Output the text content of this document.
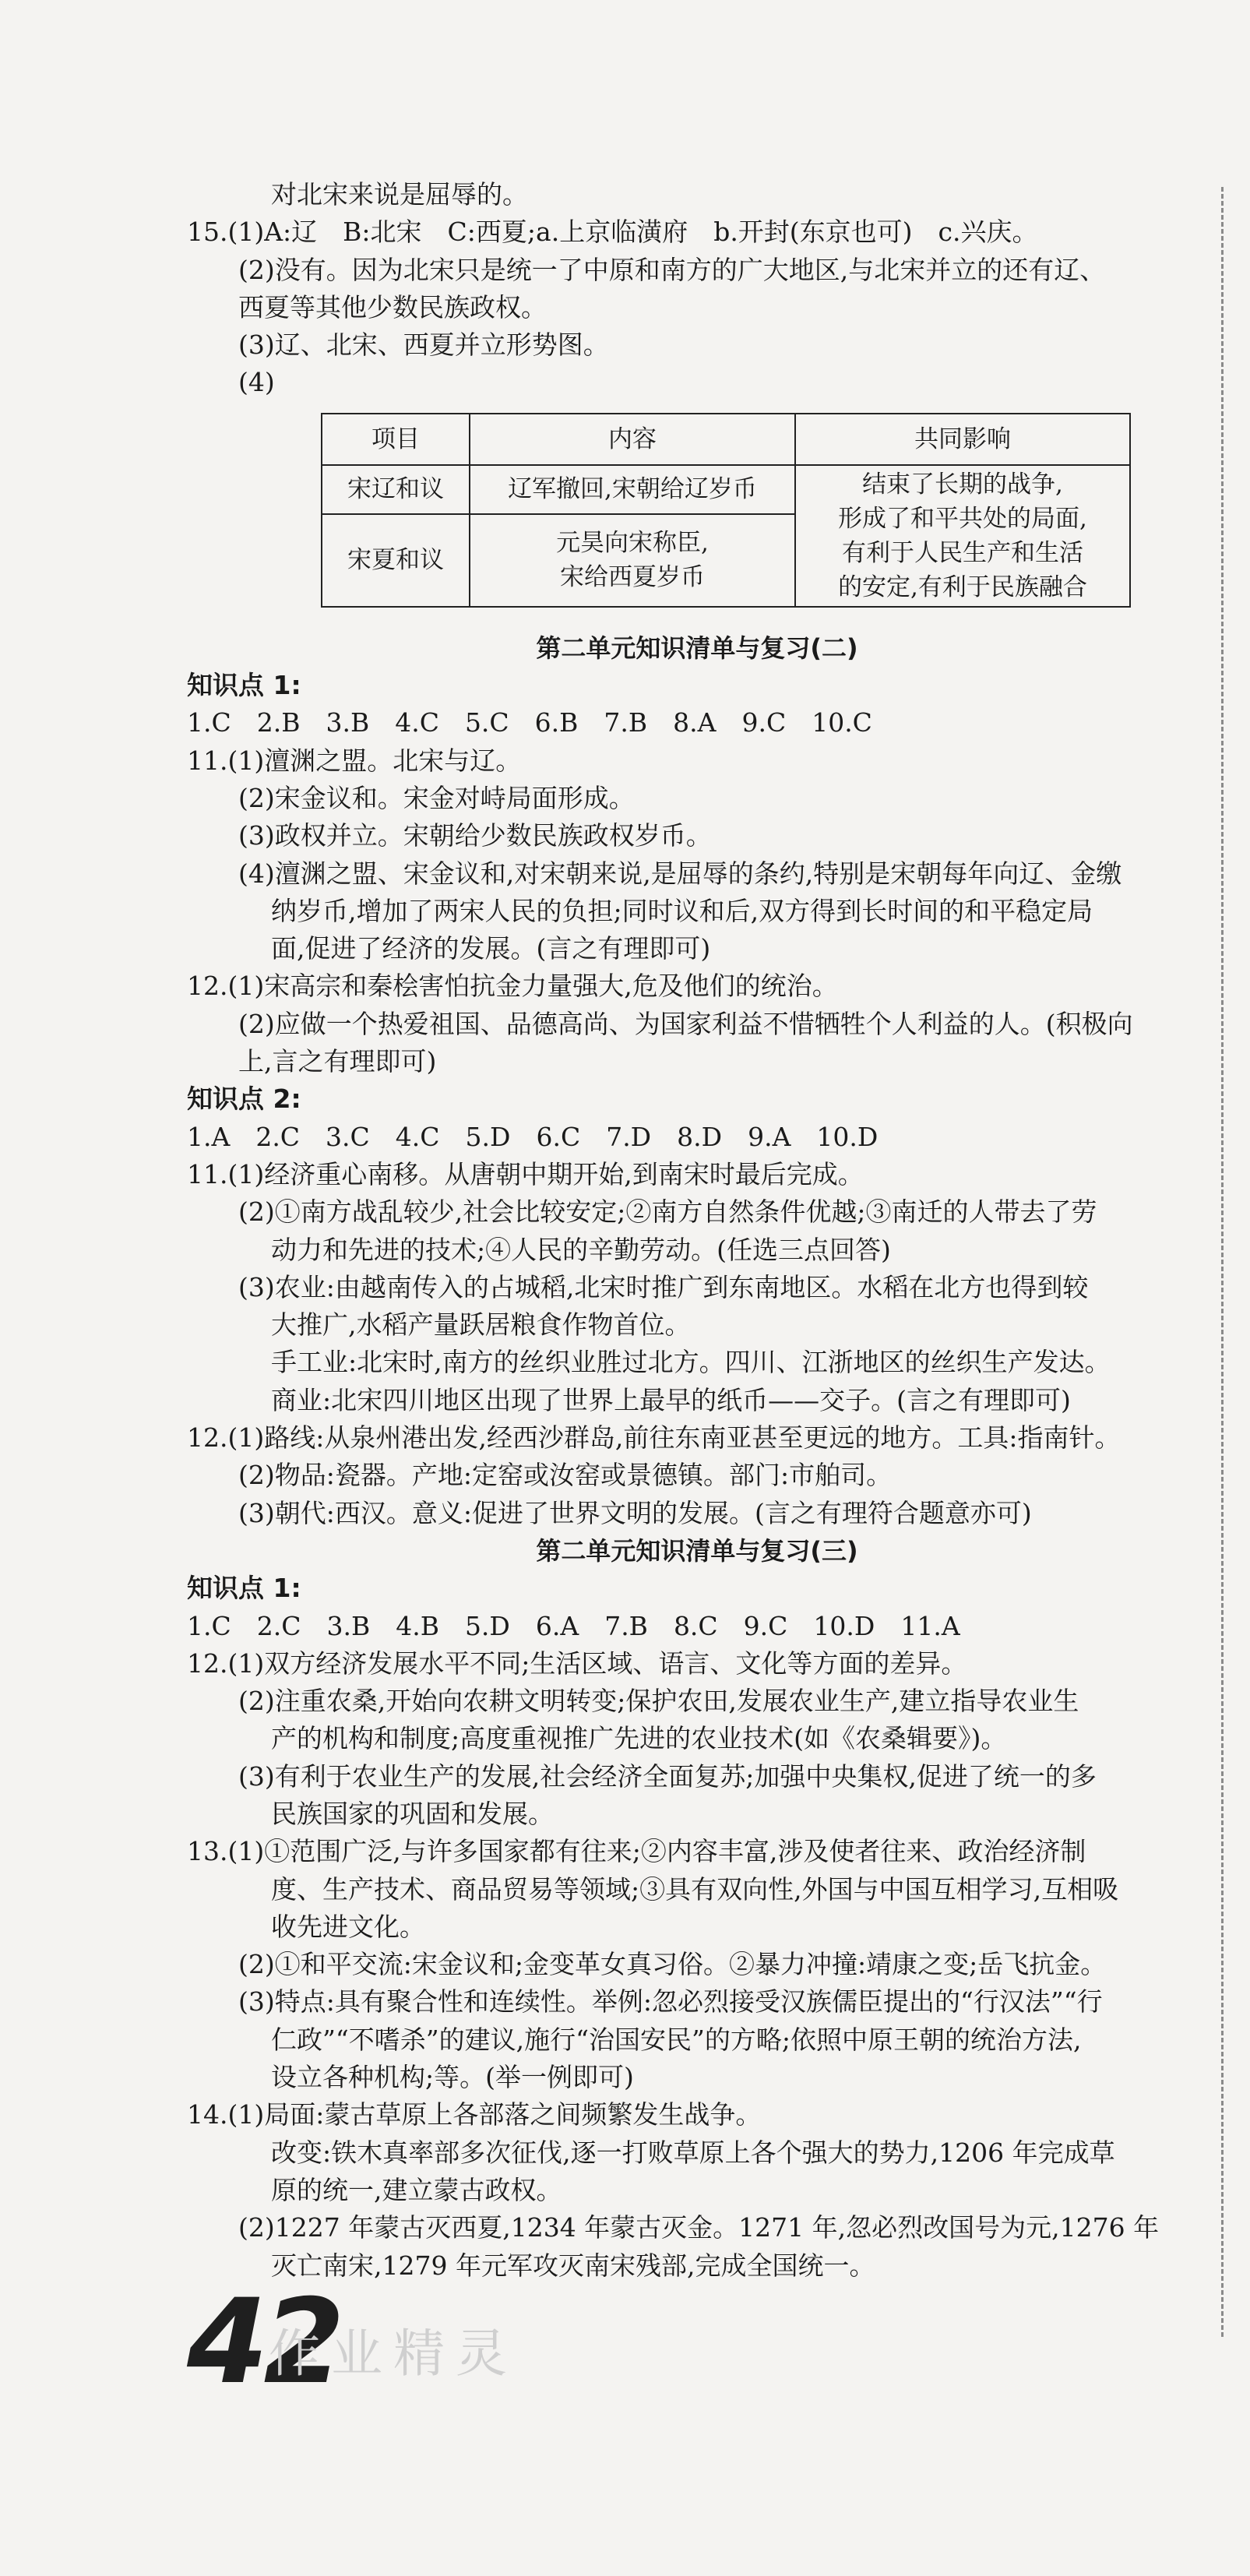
对北宋来说是屈辱的。
15.(1)A:辽　B:北宋　C:西夏;a.上京临潢府　b.开封(东京也可)　c.兴庆。
(2)没有。因为北宋只是统一了中原和南方的广大地区,与北宋并立的还有辽、
西夏等其他少数民族政权。
(3)辽、北宋、西夏并立形势图。
(4)
项目	内容	共同影响
宋辽和议	辽军撤回,宋朝给辽岁币	结束了长期的战争,
形成了和平共处的局面,
有利于人民生产和生活
的安定,有利于民族融合

宋夏和议	元昊向宋称臣,
宋给西夏岁币	
第二单元知识清单与复习(二)
知识点 1:
1.C　2.B　3.B　4.C　5.C　6.B　7.B　8.A　9.C　10.C
11.(1)澶渊之盟。北宋与辽。
(2)宋金议和。宋金对峙局面形成。
(3)政权并立。宋朝给少数民族政权岁币。
(4)澶渊之盟、宋金议和,对宋朝来说,是屈辱的条约,特别是宋朝每年向辽、金缴
纳岁币,增加了两宋人民的负担;同时议和后,双方得到长时间的和平稳定局
面,促进了经济的发展。(言之有理即可)
12.(1)宋高宗和秦桧害怕抗金力量强大,危及他们的统治。
(2)应做一个热爱祖国、品德高尚、为国家利益不惜牺牲个人利益的人。(积极向
上,言之有理即可)
知识点 2:
1.A　2.C　3.C　4.C　5.D　6.C　7.D　8.D　9.A　10.D
11.(1)经济重心南移。从唐朝中期开始,到南宋时最后完成。
(2)①南方战乱较少,社会比较安定;②南方自然条件优越;③南迁的人带去了劳
动力和先进的技术;④人民的辛勤劳动。(任选三点回答)
(3)农业:由越南传入的占城稻,北宋时推广到东南地区。水稻在北方也得到较
大推广,水稻产量跃居粮食作物首位。
手工业:北宋时,南方的丝织业胜过北方。四川、江浙地区的丝织生产发达。
商业:北宋四川地区出现了世界上最早的纸币——交子。(言之有理即可)
12.(1)路线:从泉州港出发,经西沙群岛,前往东南亚甚至更远的地方。工具:指南针。
(2)物品:瓷器。产地:定窑或汝窑或景德镇。部门:市舶司。
(3)朝代:西汉。意义:促进了世界文明的发展。(言之有理符合题意亦可)
第二单元知识清单与复习(三)
知识点 1:
1.C　2.C　3.B　4.B　5.D　6.A　7.B　8.C　9.C　10.D　11.A
12.(1)双方经济发展水平不同;生活区域、语言、文化等方面的差异。
(2)注重农桑,开始向农耕文明转变;保护农田,发展农业生产,建立指导农业生
产的机构和制度;高度重视推广先进的农业技术(如《农桑辑要》)。
(3)有利于农业生产的发展,社会经济全面复苏;加强中央集权,促进了统一的多
民族国家的巩固和发展。
13.(1)①范围广泛,与许多国家都有往来;②内容丰富,涉及使者往来、政治经济制
度、生产技术、商品贸易等领域;③具有双向性,外国与中国互相学习,互相吸
收先进文化。
(2)①和平交流:宋金议和;金变革女真习俗。②暴力冲撞:靖康之变;岳飞抗金。
(3)特点:具有聚合性和连续性。举例:忽必烈接受汉族儒臣提出的“行汉法”“行
仁政”“不嗜杀”的建议,施行“治国安民”的方略;依照中原王朝的统治方法,
设立各种机构;等。(举一例即可)
14.(1)局面:蒙古草原上各部落之间频繁发生战争。
改变:铁木真率部多次征伐,逐一打败草原上各个强大的势力,1206 年完成草
原的统一,建立蒙古政权。
(2)1227 年蒙古灭西夏,1234 年蒙古灭金。1271 年,忽必烈改国号为元,1276 年
灭亡南宋,1279 年元军攻灭南宋残部,完成全国统一。
42
作业精灵
